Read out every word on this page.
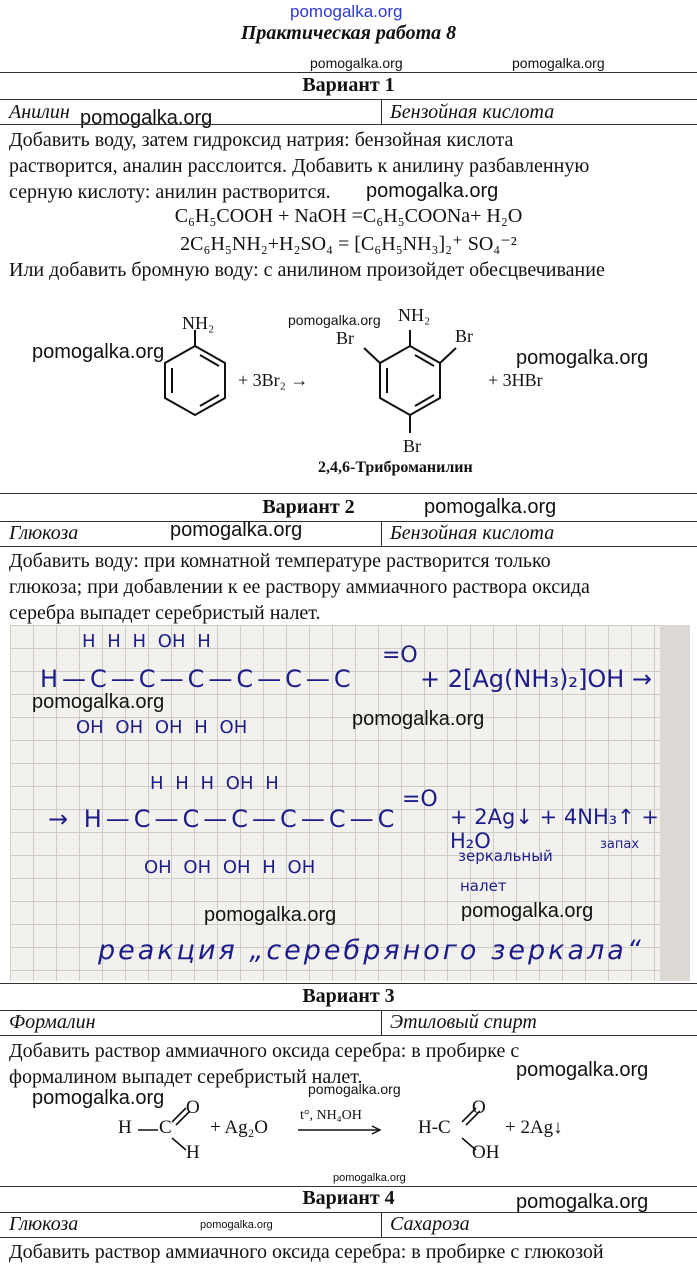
pomogalka.org
Практическая работа 8
pomogalka.org	pomogalka.org
Вариант 1
Анилин pomogalka.org	Бензойная кислота
Добавить воду, затем гидроксид натрия: бензойная кислота
растворится, аналин расслоится. Добавить к анилину разбавленную
серную кислоту: анилин растворится.	pomogalka.org
C₆H₅COOH + NaOH =C₆H₅COONa+ H₂O
2C₆H₅NH₂+H₂SO₄ = [C₆H₅NH₃]₂⁺ SO₄⁻²
Или добавить бромную воду: с анилином произойдет обесцвечивание
NH₂
+ 3Br₂ →
NH₂
Br	Br
Br
+ 3HBr
2,4,6-Триброманилин
pomogalka.org
pomogalka.org	pomogalka.org
Вариант 2	pomogalka.org
Глюкоза	pomogalka.org	Бензойная кислота
Добавить воду: при комнатной температуре растворится только
глюкоза; при добавлении к ее раствору аммиачного раствора оксида
серебра выпадет серебристый налет.
H H H OH H
H—C—C—C—C—C—C
=O
+ 2[Ag(NH₃)₂]OH →
OH OH OH H OH
H H H OH H
→ H—C—C—C—C—C—C
=O
+ 2Ag↓ + 4NH₃↑ + H₂O
OH OH OH H OH
зеркальный
запах
налет
реакция „серебряного зеркала“
pomogalka.org
pomogalka.org
pomogalka.org	pomogalka.org
Вариант 3
Формалин	Этиловый спирт
Добавить раствор аммиачного оксида серебра: в пробирке с
формалином выпадет серебристый налет.	pomogalka.org
pomogalka.org
pomogalka.org
H C
O
H
+ Ag₂O
t°, NH₄OH
H-C
O
OH
+ 2Ag↓
pomogalka.org
Вариант 4	pomogalka.org
Глюкоза	pomogalka.org	Сахароза
Добавить раствор аммиачного оксида серебра: в пробирке с глюкозой
